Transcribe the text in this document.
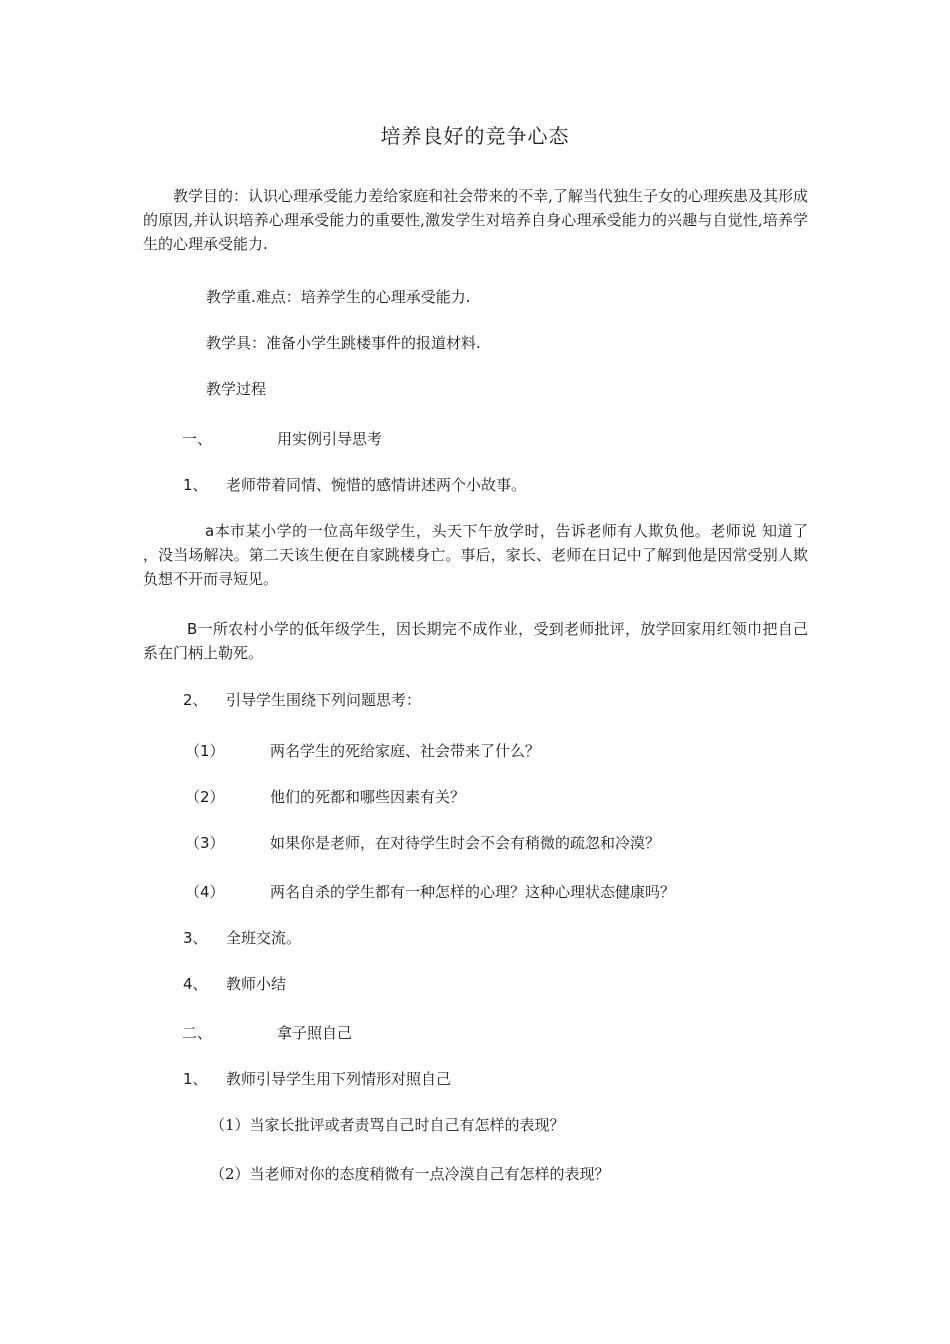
培养良好的竞争心态
教学目的：认识心理承受能力差给家庭和社会带来的不幸,了解当代独生子女的心理疾患及其形成的原因,并认识培养心理承受能力的重要性,激发学生对培养自身心理承受能力的兴趣与自觉性,培养学生的心理承受能力.
教学重.难点：培养学生的心理承受能力.
教学具：准备小学生跳楼事件的报道材料.
教学过程
一、	用实例引导思考
1、 老师带着同情、惋惜的感情讲述两个小故事。
a本市某小学的一位高年级学生，头天下午放学时，告诉老师有人欺负他。老师说 知道了 ，没当场解决。第二天该生便在自家跳楼身亡。事后，家长、老师在日记中了解到他是因常受别人欺负想不开而寻短见。
B一所农村小学的低年级学生，因长期完不成作业，受到老师批评，放学回家用红领巾把自己系在门柄上勒死。
2、 引导学生围绕下列问题思考：
（1）	两名学生的死给家庭、社会带来了什么？
（2）	他们的死都和哪些因素有关？
（3）	如果你是老师，在对待学生时会不会有稍微的疏忽和冷漠？
（4）	两名自杀的学生都有一种怎样的心理？这种心理状态健康吗？
3、 全班交流。
4、 教师小结
二、	拿子照自己
1、 教师引导学生用下列情形对照自己
（1）当家长批评或者责骂自己时自己有怎样的表现？
（2）当老师对你的态度稍微有一点冷漠自己有怎样的表现？
